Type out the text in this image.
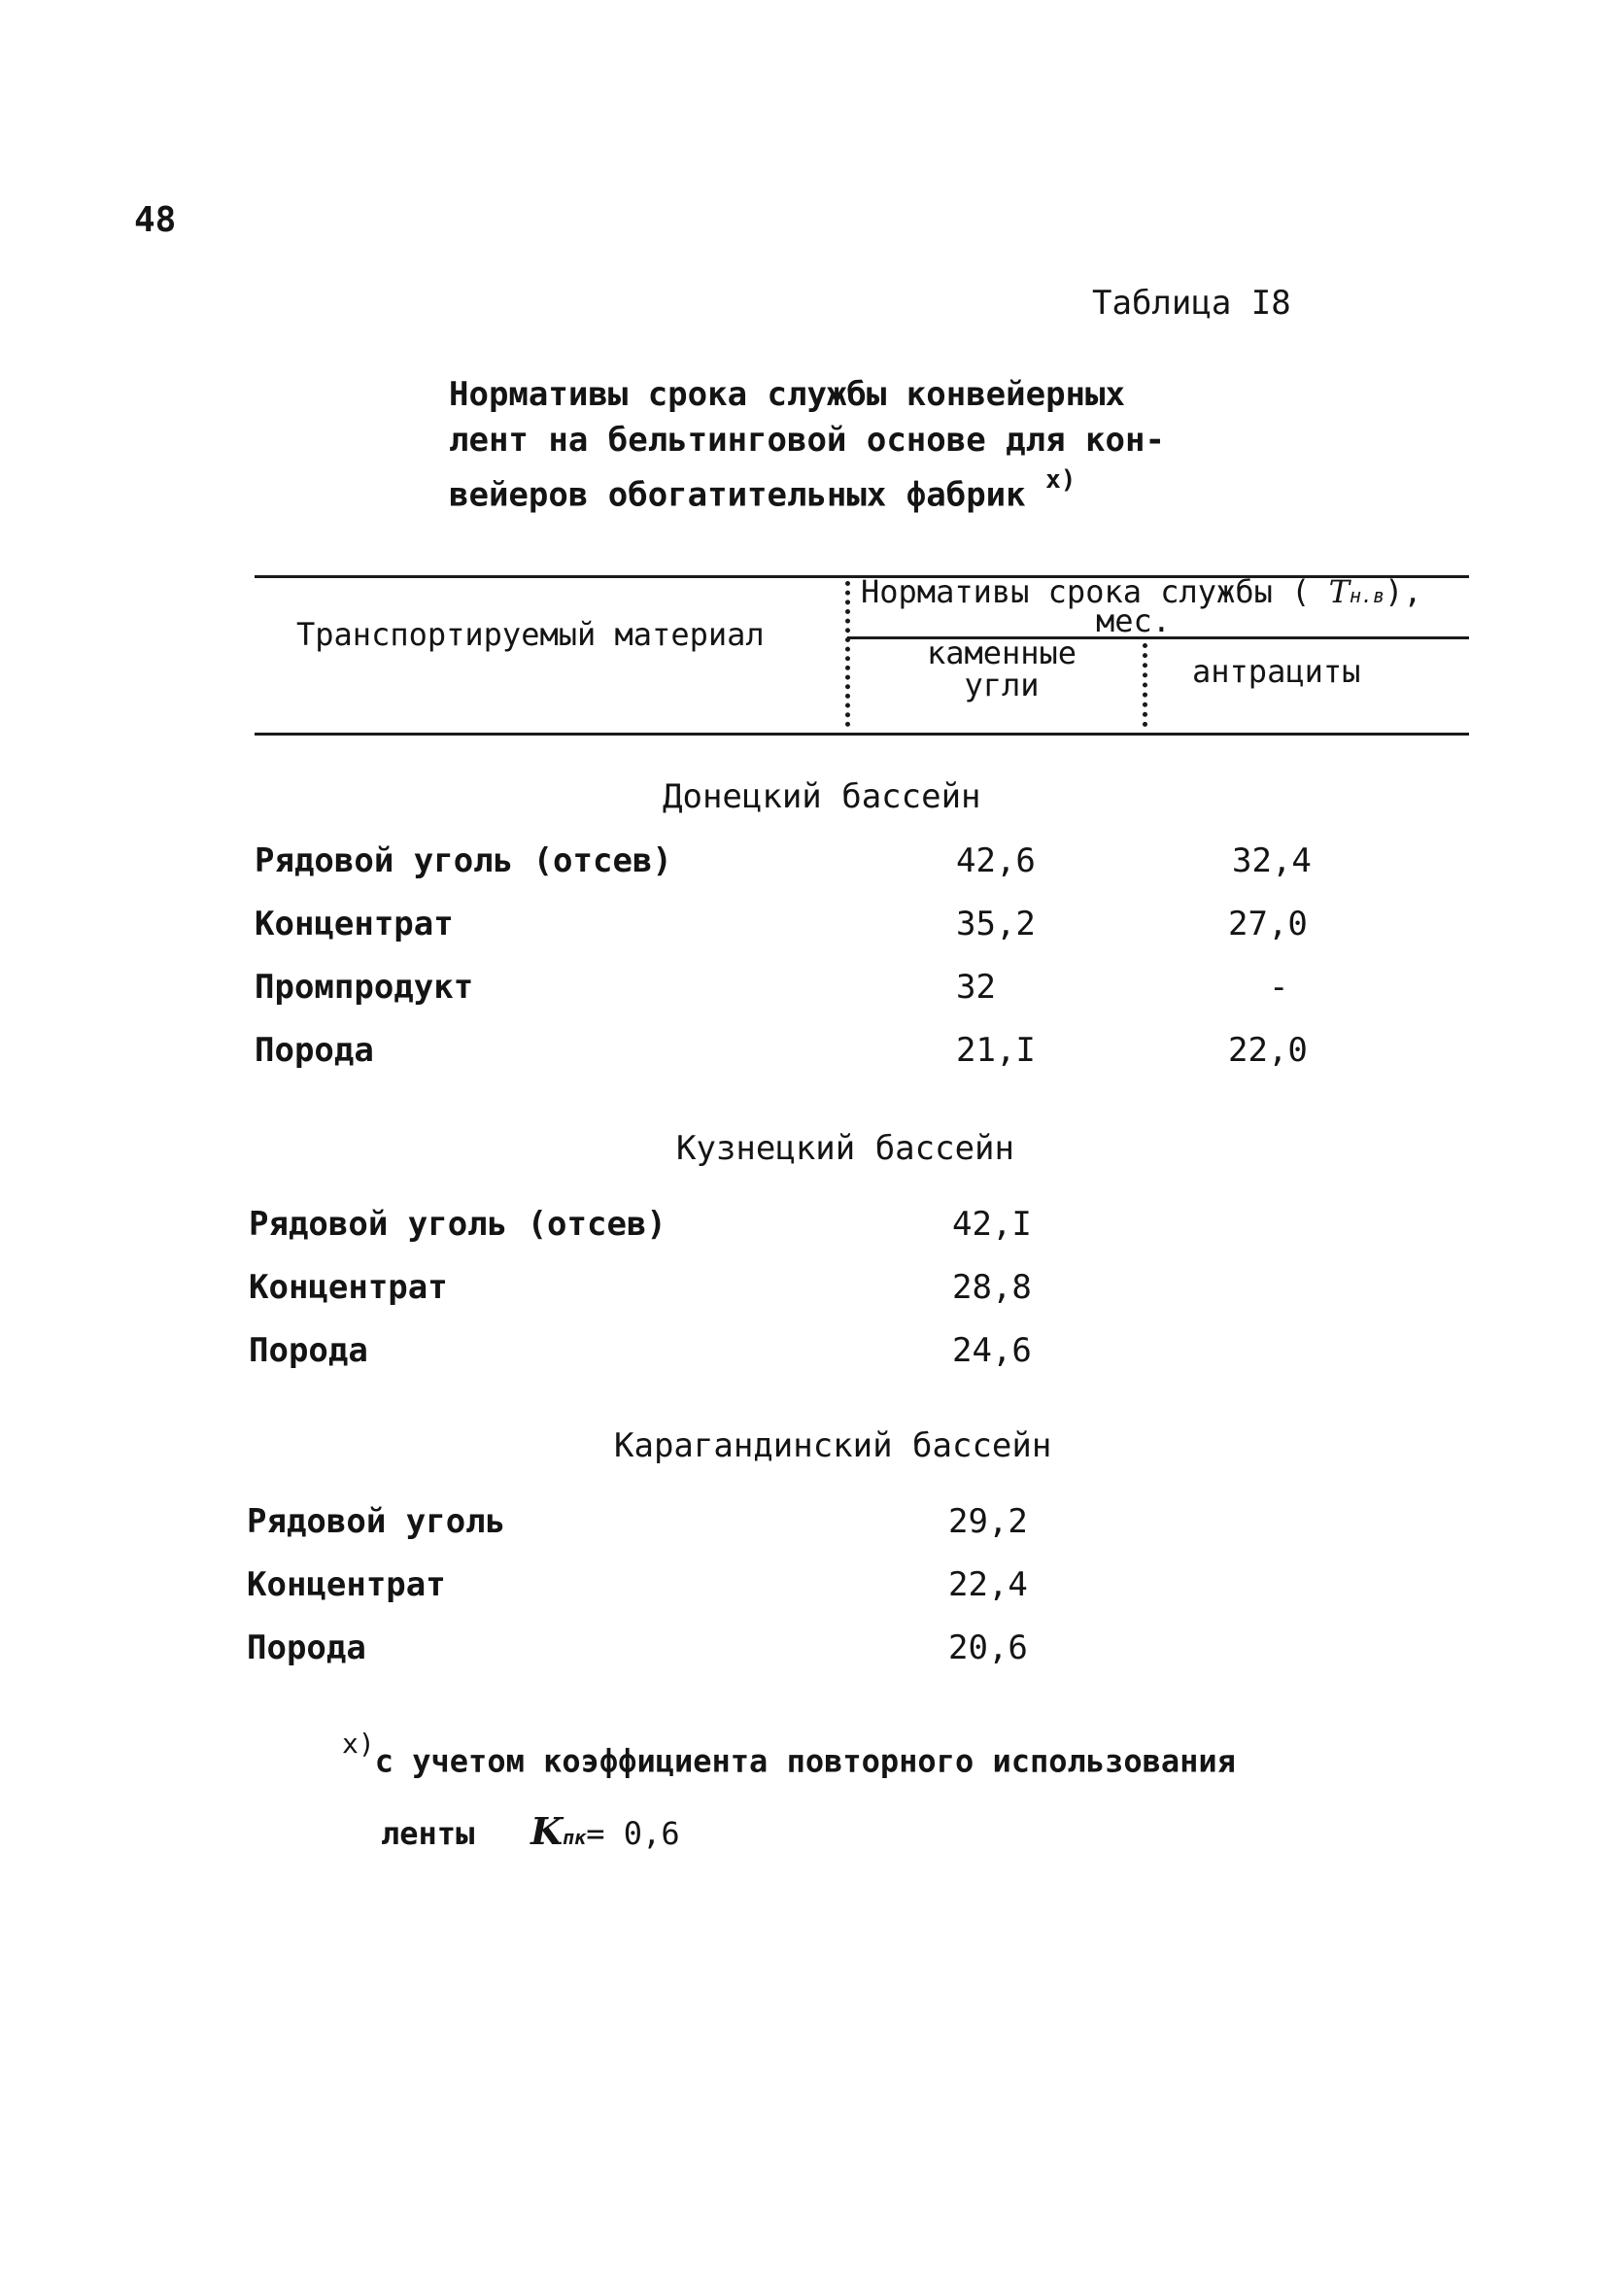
48
Таблица I8
Нормативы срока службы конвейерных
лент на бельтинговой основе для кон-
вейеров обогатительных фабрик $^{x)}$
Транспортируемый материал
Нормативы срока службы ( Tн.в),
мес.
каменные угли	антрациты
Донецкий бассейн
Рядовой уголь (отсев)	42,6	32,4
Концентрат	35,2	27,0
Промпродукт	32	-
Порода	21,I	22,0
Кузнецкий бассейн
Рядовой уголь (отсев)	42,I
Концентрат	28,8
Порода	24,6
Карагандинский бассейн
Рядовой уголь	29,2
Концентрат	22,4
Порода	20,6
$^{x)}$с учетом коэффициента повторного использования
ленты Kпк= 0,6
